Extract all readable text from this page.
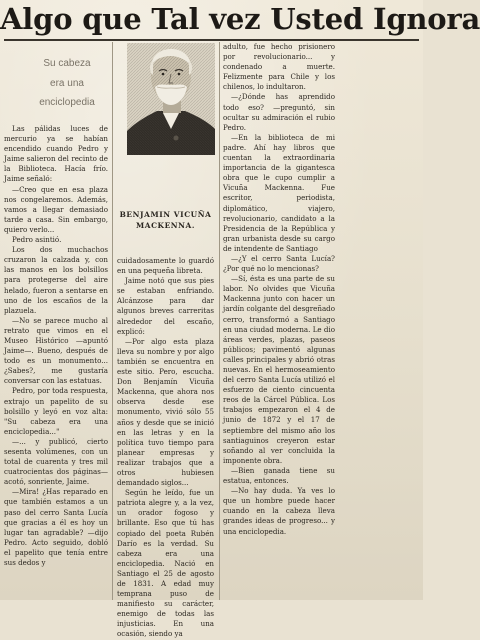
Algo que Tal vez Usted Ignora
Su cabeza
era una
enciclopedia
BENJAMIN VICUÑA MACKENNA.

Las pálidas luces de mercurio ya se habían encendido cuando Pedro y Jaime salieron del recinto de la Biblioteca. Hacía frío. Jaime señaló:

—Creo que en esa plaza nos congelaremos. Además, vamos a llegar demasiado tarde a casa. Sin embargo, quiero verlo...

Pedro asintió.

Los dos muchachos cruzaron la calzada y, con las manos en los bolsillos para protegerse del aire helado, fueron a sentarse en uno de los escaños de la plazuela.

—No se parece mucho al retrato que vimos en el Museo Histórico —apuntó Jaime—. Bueno, después de todo es un monumento... ¿Sabes?, me gustaría conversar con las estatuas.

Pedro, por toda respuesta, extrajo un papelito de su bolsillo y leyó en voz alta: "Su cabeza era una enciclopedia..."

—... y publicó, cierto sesenta volúmenes, con un total de cuarenta y tres mil cuatrocientas dos páginas— acotó, sonriente, Jaime.

—Mira! ¿Has reparado en que también estamos a un paso del cerro Santa Lucía que gracias a él es hoy un lugar tan agradable? —dijo Pedro. Acto seguido, dobló el papelito que tenía entre sus dedos y

cuidadosamente lo guardó en una pequeña libreta.

Jaime notó que sus pies se estaban enfriando. Alcánzose para dar algunos breves carreritas alrededor del escaño, explicó:

—Por algo esta plaza lleva su nombre y por algo también se encuentra en este sitio. Pero, escucha. Don Benjamín Vicuña Mackenna, que ahora nos observa desde ese monumento, vivió sólo 55 años y desde que se inició en las letras y en la política tuvo tiempo para planear empresas y realizar trabajos que a otros hubiesen demandado siglos...

Según he leído, fue un patriota alegre y, a la vez, un orador fogoso y brillante. Eso que tú has copiado del poeta Rubén Darío es la verdad. Su cabeza era una enciclopedia. Nació en Santiago el 25 de agosto de 1831. A edad muy temprana puso de manifiesto su carácter, enemigo de todas las injusticias. En una ocasión, siendo ya

adulto, fue hecho prisionero por revolucionario... y condenado a muerte. Felizmente para Chile y los chilenos, lo indultaron.

—¿Dónde has aprendido todo eso? —preguntó, sin ocultar su admiración el rubio Pedro.

—En la biblioteca de mi padre. Ahí hay libros que cuentan la extraordinaria importancia de la gigantesca obra que le cupo cumplir a Vicuña Mackenna. Fue escritor, periodista, diplomático, viajero, revolucionario, candidato a la Presidencia de la República y gran urbanista desde su cargo de intendente de Santiago

—¿Y el cerro Santa Lucía? ¿Por qué no lo mencionas?

—Sí, ésta es una parte de su labor. No olvides que Vicuña Mackenna junto con hacer un jardín colgante del desgreñado cerro, transformó a Santiago en una ciudad moderna. Le dio áreas verdes, plazas, paseos públicos; pavimentó algunas calles principales y abrió otras nuevas. En el hermoseamiento del cerro Santa Lucía utilizó el esfuerzo de ciento cincuenta reos de la Cárcel Pública. Los trabajos empezaron el 4 de junio de 1872 y el 17 de septiembre del mismo año los santiaguinos creyeron estar soñando al ver concluida la imponente obra.

—Bien ganada tiene su estatua, entonces.

—No hay duda. Ya ves lo que un hombre puede hacer cuando en la cabeza lleva grandes ideas de progreso... y una enciclopedia.
